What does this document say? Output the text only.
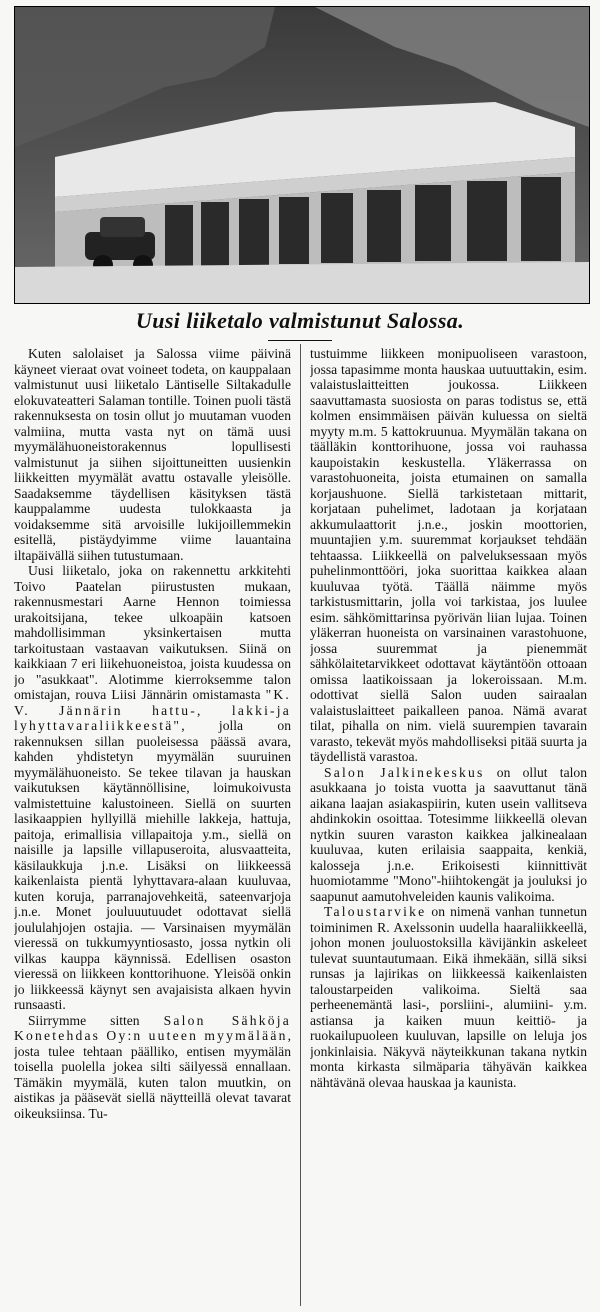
Uusi liiketalo valmistunut Salossa.

Kuten salolaiset ja Salossa viime päivinä käyneet vieraat ovat voineet todeta, on kauppalaan valmistunut uusi liiketalo Läntiselle Siltakadulle elokuvateatteri Salaman tontille. Toinen puoli tästä rakennuksesta on tosin ollut jo muutaman vuoden valmiina, mutta vasta nyt on tämä uusi myymälähuoneistorakennus lopullisesti valmistunut ja siihen sijoittuneitten uusienkin liikkeitten myymälät avattu ostavalle yleisölle. Saadaksemme täydellisen käsityksen tästä kauppalamme uudesta tulokkaasta ja voidaksemme sitä arvoisille lukijoillemmekin esitellä, pistäydyimme viime lauantaina iltapäivällä siihen tutustumaan.

Uusi liiketalo, joka on rakennettu arkkitehti Toivo Paatelan piirustusten mukaan, rakennusmestari Aarne Hennon toimiessa urakoitsijana, tekee ulkoapäin katsoen mahdollisimman yksinkertaisen mutta tarkoitustaan vastaavan vaikutuksen. Siinä on kaikkiaan 7 eri liikehuoneistoa, joista kuudessa on jo "asukkaat". Alotimme kierroksemme talon omistajan, rouva Liisi Jännärin omistamasta "K. V. Jännärin hattu-, lakki-ja lyhyttavaraliikkeestä", jolla on rakennuksen sillan puoleisessa päässä avara, kahden yhdistetyn myymälän suuruinen myymälähuoneisto. Se tekee tilavan ja hauskan vaikutuksen käytännöllisine, loimukoivusta valmistettuine kalustoineen. Siellä on suurten lasikaappien hyllyillä miehille lakkeja, hattuja, paitoja, erimallisia villapaitoja y.m., siellä on naisille ja lapsille villapuseroita, alusvaatteita, käsilaukkuja j.n.e. Lisäksi on liikkeessä kaikenlaista pientä lyhyttavara-alaan kuuluvaa, kuten koruja, parranajovehkeitä, sateenvarjoja j.n.e. Monet jouluuutuudet odottavat siellä joululahjojen ostajia. — Varsinaisen myymälän vieressä on tukkumyyntiosasto, jossa nytkin oli vilkas kauppa käynnissä. Edellisen osaston vieressä on liikkeen konttorihuone. Yleisöä onkin jo liikkeessä käynyt sen avajaisista alkaen hyvin runsaasti.

Siirrymme sitten Salon Sähköja Konetehdas Oy:n uuteen myymälään, josta tulee tehtaan päälliko, entisen myymälän toisella puolella jokea silti säilyessä ennallaan. Tämäkin myymälä, kuten talon muutkin, on aistikas ja pääsevät siellä näytteillä olevat tavarat oikeuksiinsa. Tu-

tustuimme liikkeen monipuoliseen varastoon, jossa tapasimme monta hauskaa uutuuttakin, esim. valaistuslaitteitten joukossa. Liikkeen saavuttamasta suosiosta on paras todistus se, että kolmen ensimmäisen päivän kuluessa on sieltä myyty m.m. 5 kattokruunua. Myymälän takana on täälläkin konttorihuone, jossa voi rauhassa kaupoistakin keskustella. Yläkerrassa on varastohuoneita, joista etumainen on samalla korjaushuone. Siellä tarkistetaan mittarit, korjataan puhelimet, ladotaan ja korjataan akkumulaattorit j.n.e., joskin moottorien, muuntajien y.m. suuremmat korjaukset tehdään tehtaassa. Liikkeellä on palveluksessaan myös puhelinmonttööri, joka suorittaa kaikkea alaan kuuluvaa työtä. Täällä näimme myös tarkistusmittarin, jolla voi tarkistaa, jos luulee esim. sähkömittarinsa pyörivän liian lujaa. Toinen yläkerran huoneista on varsinainen varastohuone, jossa suuremmat ja pienemmät sähkölaitetarvikkeet odottavat käytäntöön ottoaan omissa laatikoissaan ja lokeroissaan. M.m. odottivat siellä Salon uuden sairaalan valaistuslaitteet paikalleen panoa. Nämä avarat tilat, pihalla on nim. vielä suurempien tavarain varasto, tekevät myös mahdolliseksi pitää suurta ja täydellistä varastoa.

Salon Jalkinekeskus on ollut talon asukkaana jo toista vuotta ja saavuttanut tänä aikana laajan asiakaspiirin, kuten usein vallitseva ahdinkokin osoittaa. Totesimme liikkeellä olevan nytkin suuren varaston kaikkea jalkinealaan kuuluvaa, kuten erilaisia saappaita, kenkiä, kalosseja j.n.e. Erikoisesti kiinnittivät huomiotamme "Mono"-hiihtokengät ja jouluksi jo saapunut aamutohveleiden kaunis valikoima.

Taloustarvike on nimenä vanhan tunnetun toiminimen R. Axelssonin uudella haaraliikkeellä, johon monen jouluostoksilla kävijänkin askeleet tulevat suuntautumaan. Eikä ihmekään, sillä siksi runsas ja lajirikas on liikkeessä kaikenlaisten taloustarpeiden valikoima. Sieltä saa perheenemäntä lasi-, porsliini-, alumiini- y.m. astiansa ja kaiken muun keittiö- ja ruokailupuoleen kuuluvan, lapsille on leluja jos jonkinlaisia. Näkyvä näyteikkunan takana nytkin monta kirkasta silmäparia tähyävän kaikkea nähtävänä olevaa hauskaa ja kaunista.
